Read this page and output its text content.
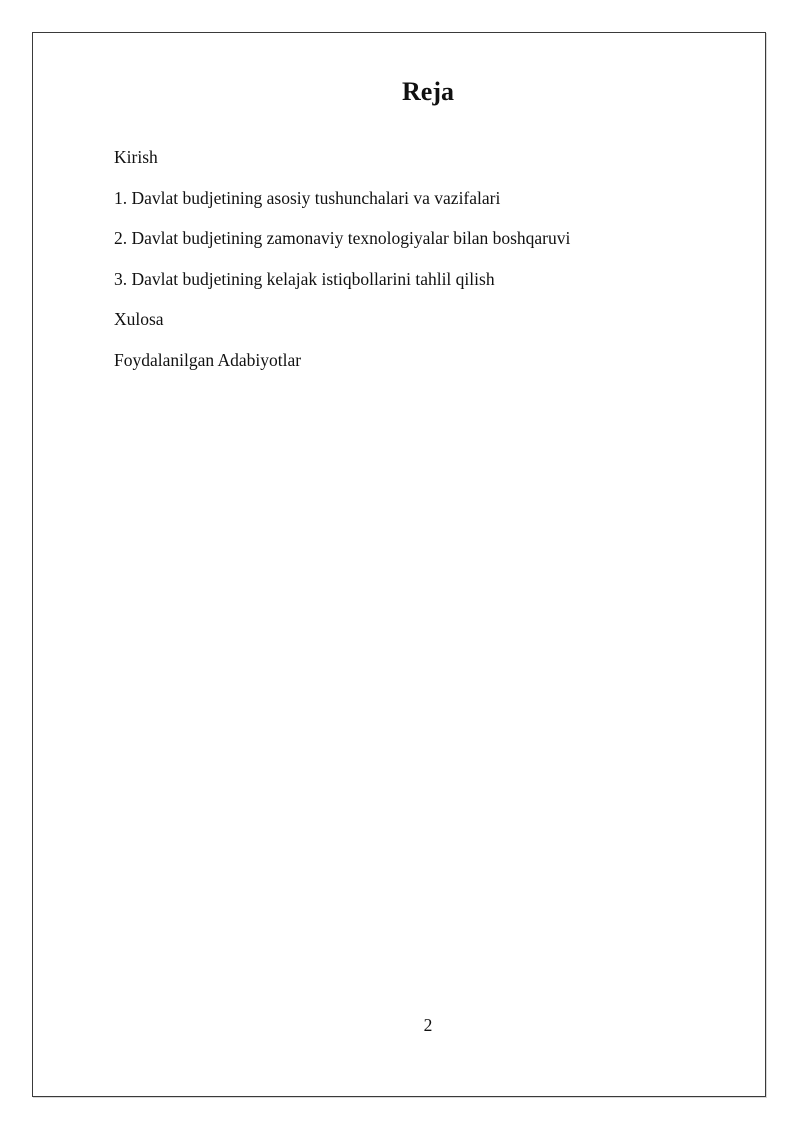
Reja
Kirish
1. Davlat budjetining asosiy tushunchalari va vazifalari
2. Davlat budjetining zamonaviy texnologiyalar bilan boshqaruvi
3. Davlat budjetining kelajak istiqbollarini tahlil qilish
Xulosa
Foydalanilgan Adabiyotlar
2
